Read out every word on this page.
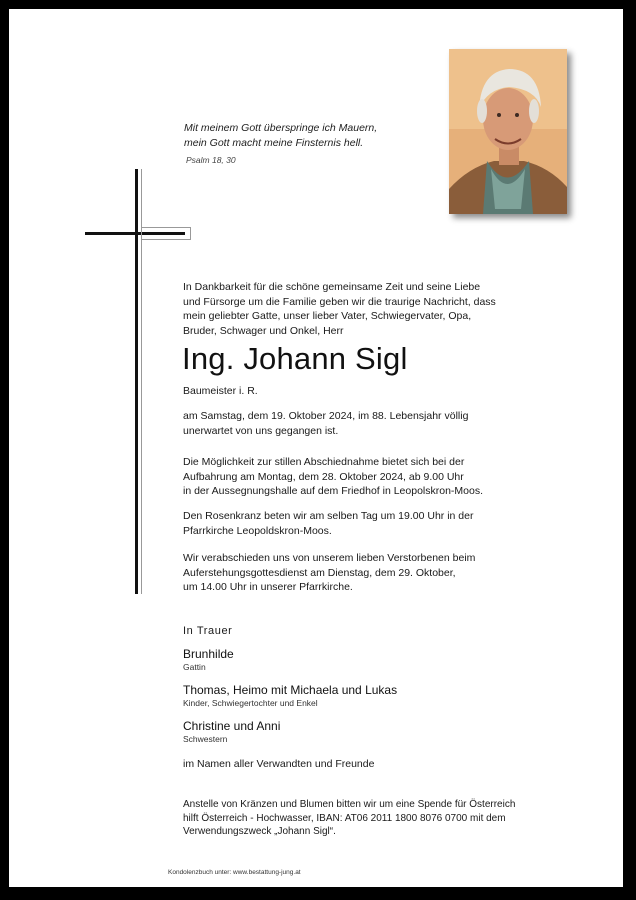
Mit meinem Gott überspringe ich Mauern,
mein Gott macht meine Finsternis hell.
Psalm 18, 30
In Dankbarkeit für die schöne gemeinsame Zeit und seine Liebe
und Fürsorge um die Familie geben wir die traurige Nachricht, dass
mein geliebter Gatte, unser lieber Vater, Schwiegervater, Opa,
Bruder, Schwager und Onkel, Herr
Ing. Johann Sigl
Baumeister i. R.
am Samstag, dem 19. Oktober 2024, im 88. Lebensjahr völlig
unerwartet von uns gegangen ist.
Die Möglichkeit zur stillen Abschiednahme bietet sich bei der
Aufbahrung am Montag, dem 28. Oktober 2024, ab 9.00 Uhr
in der Aussegnungshalle auf dem Friedhof in Leopolskron-Moos.
Den Rosenkranz beten wir am selben Tag um 19.00 Uhr in der
Pfarrkirche Leopoldskron-Moos.
Wir verabschieden uns von unserem lieben Verstorbenen beim
Auferstehungsgottesdienst am Dienstag, dem 29. Oktober,
um 14.00 Uhr in unserer Pfarrkirche.
In Trauer
Brunhilde
Gattin
Thomas, Heimo mit Michaela und Lukas
Kinder, Schwiegertochter und Enkel
Christine und Anni
Schwestern
im Namen aller Verwandten und Freunde
Anstelle von Kränzen und Blumen bitten wir um eine Spende für Österreich
hilft Österreich - Hochwasser, IBAN: AT06 2011 1800 8076 0700 mit dem
Verwendungszweck „Johann Sigl“.
Kondolenzbuch unter: www.bestattung-jung.at
